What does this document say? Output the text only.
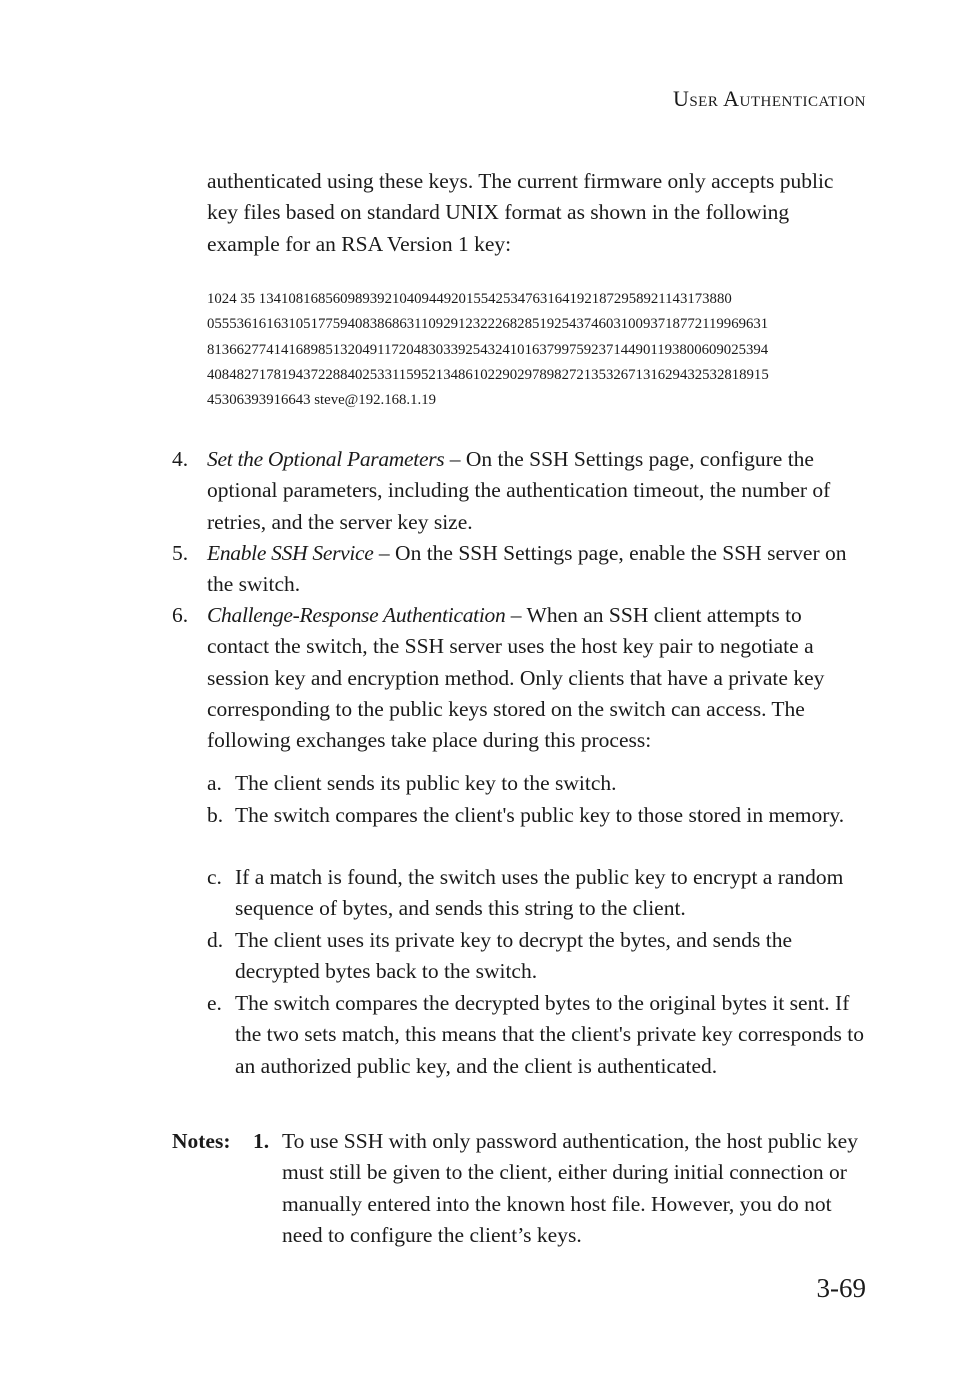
User Authentication
authenticated using these keys. The current firmware only accepts public key files based on standard UNIX format as shown in the following example for an RSA Version 1 key:
1024 35 1341081685609893921040944920155425347631641921872958921143173880
0555361616310517759408386863110929123222682851925437460310093718772119969631
8136627741416898513204911720483033925432410163799759237144901193800609025394
4084827178194372288402533115952134861022902978982721353267131629432532818915
45306393916643 steve@192.168.1.19
4. Set the Optional Parameters – On the SSH Settings page, configure the optional parameters, including the authentication timeout, the number of retries, and the server key size.
5. Enable SSH Service – On the SSH Settings page, enable the SSH server on the switch.
6. Challenge-Response Authentication – When an SSH client attempts to contact the switch, the SSH server uses the host key pair to negotiate a session key and encryption method. Only clients that have a private key corresponding to the public keys stored on the switch can access. The following exchanges take place during this process:
a. The client sends its public key to the switch.
b. The switch compares the client's public key to those stored in memory.
c. If a match is found, the switch uses the public key to encrypt a random sequence of bytes, and sends this string to the client.
d. The client uses its private key to decrypt the bytes, and sends the decrypted bytes back to the switch.
e. The switch compares the decrypted bytes to the original bytes it sent. If the two sets match, this means that the client's private key corresponds to an authorized public key, and the client is authenticated.
Notes: 1. To use SSH with only password authentication, the host public key must still be given to the client, either during initial connection or manually entered into the known host file. However, you do not need to configure the client’s keys.
3-69
